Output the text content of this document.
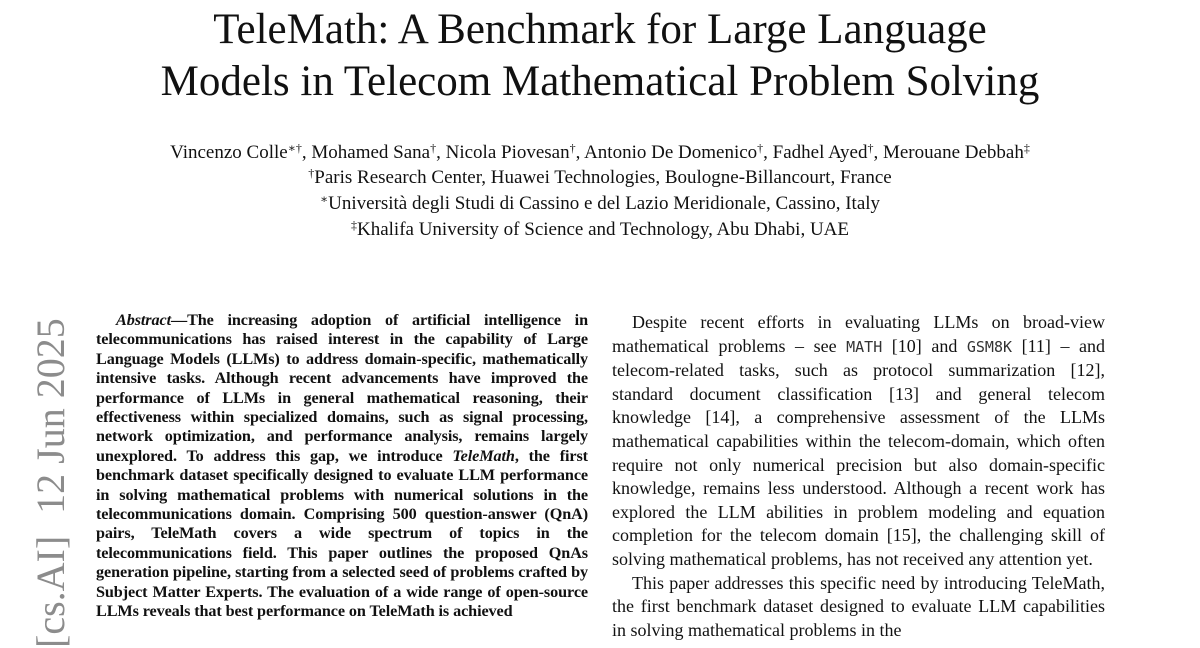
TeleMath: A Benchmark for Large Language
Models in Telecom Mathematical Problem Solving
Vincenzo Colle∗†, Mohamed Sana†, Nicola Piovesan†, Antonio De Domenico†, Fadhel Ayed†, Merouane Debbah‡
†Paris Research Center, Huawei Technologies, Boulogne-Billancourt, France
∗Università degli Studi di Cassino e del Lazio Meridionale, Cassino, Italy
‡Khalifa University of Science and Technology, Abu Dhabi, UAE
[cs.AI]12 Jun 2025	Abstract—The increasing adoption of artificial intelligence in telecommunications has raised interest in the capability of Large Language Models (LLMs) to address domain-specific, mathematically intensive tasks. Although recent advancements have improved the performance of LLMs in general mathematical reasoning, their effectiveness within specialized domains, such as signal processing, network optimization, and performance analysis, remains largely unexplored. To address this gap, we introduce TeleMath, the first benchmark dataset specifically designed to evaluate LLM performance in solving mathematical problems with numerical solutions in the telecommunications domain. Comprising 500 question-answer (QnA) pairs, TeleMath covers a wide spectrum of topics in the telecommunications field. This paper outlines the proposed QnAs generation pipeline, starting from a selected seed of problems crafted by Subject Matter Experts. The evaluation of a wide range of open-source LLMs reveals that best performance on TeleMath is achieved

Despite recent efforts in evaluating LLMs on broad-view mathematical problems – see MATH [10] and GSM8K [11] – and telecom-related tasks, such as protocol summarization [12], standard document classification [13] and general telecom knowledge [14], a comprehensive assessment of the LLMs mathematical capabilities within the telecom-domain, which often require not only numerical precision but also domain-specific knowledge, remains less understood. Although a recent work has explored the LLM abilities in problem modeling and equation completion for the telecom domain [15], the challenging skill of solving mathematical problems, has not received any attention yet.

This paper addresses this specific need by introducing TeleMath, the first benchmark dataset designed to evaluate LLM capabilities in solving mathematical problems in the
